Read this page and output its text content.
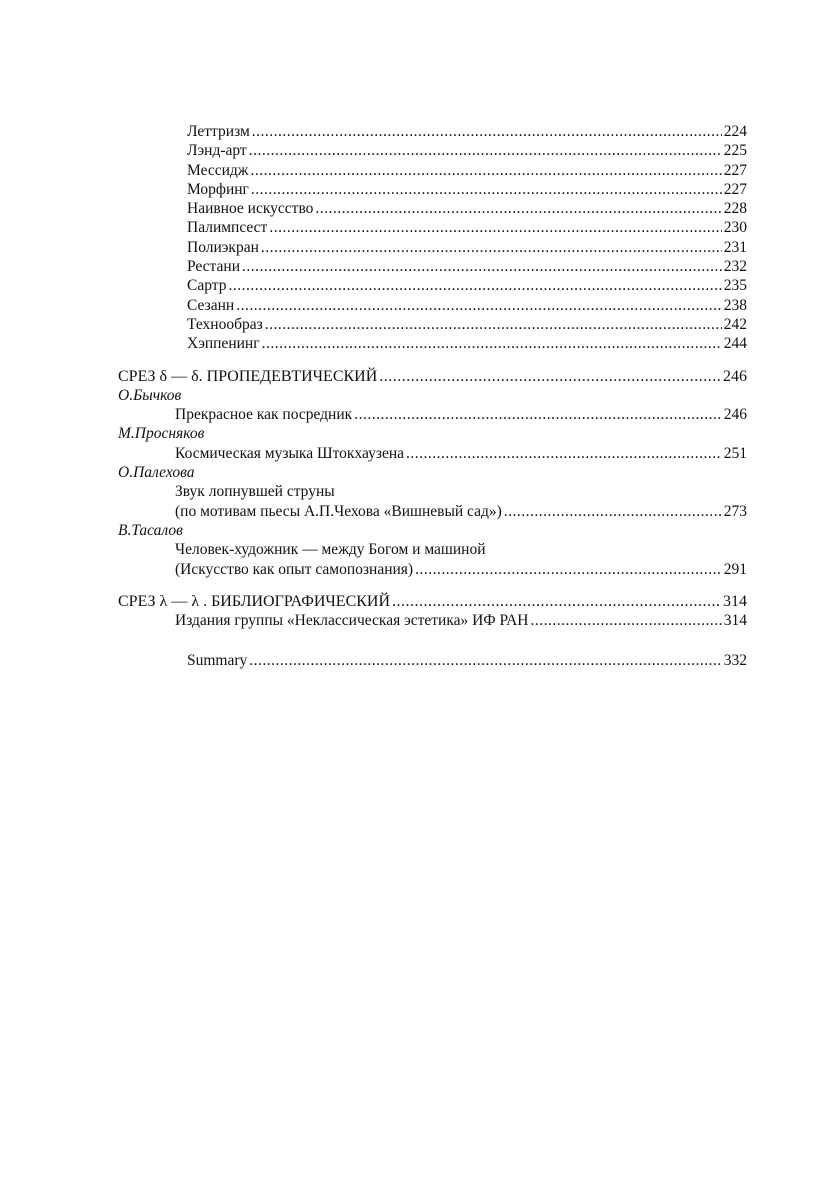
Леттризм .....	224
Лэнд-арт .....	225
Мессидж .....	227
Морфинг .....	227
Наивное искусство .....	228
Палимпсест .....	230
Полиэкран .....	231
Рестани .....	232
Сартр .....	235
Сезанн .....	238
Технообраз .....	242
Хэппенинг .....	244
СРЕЗ δ — δ. ПРОПЕДЕВТИЧЕСКИЙ .....	246
О.Бычков
Прекрасное как посредник .....	246
М.Просняков
Космическая музыка Штокхаузена .....	251
О.Палехова
Звук лопнувшей струны
(по мотивам пьесы А.П.Чехова «Вишневый сад») .....	273
В.Тасалов
Человек-художник — между Богом и машиной
(Искусство как опыт самопознания) .....	291
СРЕЗ λ — λ . БИБЛИОГРАФИЧЕСКИЙ .....	314
Издания группы «Неклассическая эстетика» ИФ РАН .....	314
Summary .....	332
